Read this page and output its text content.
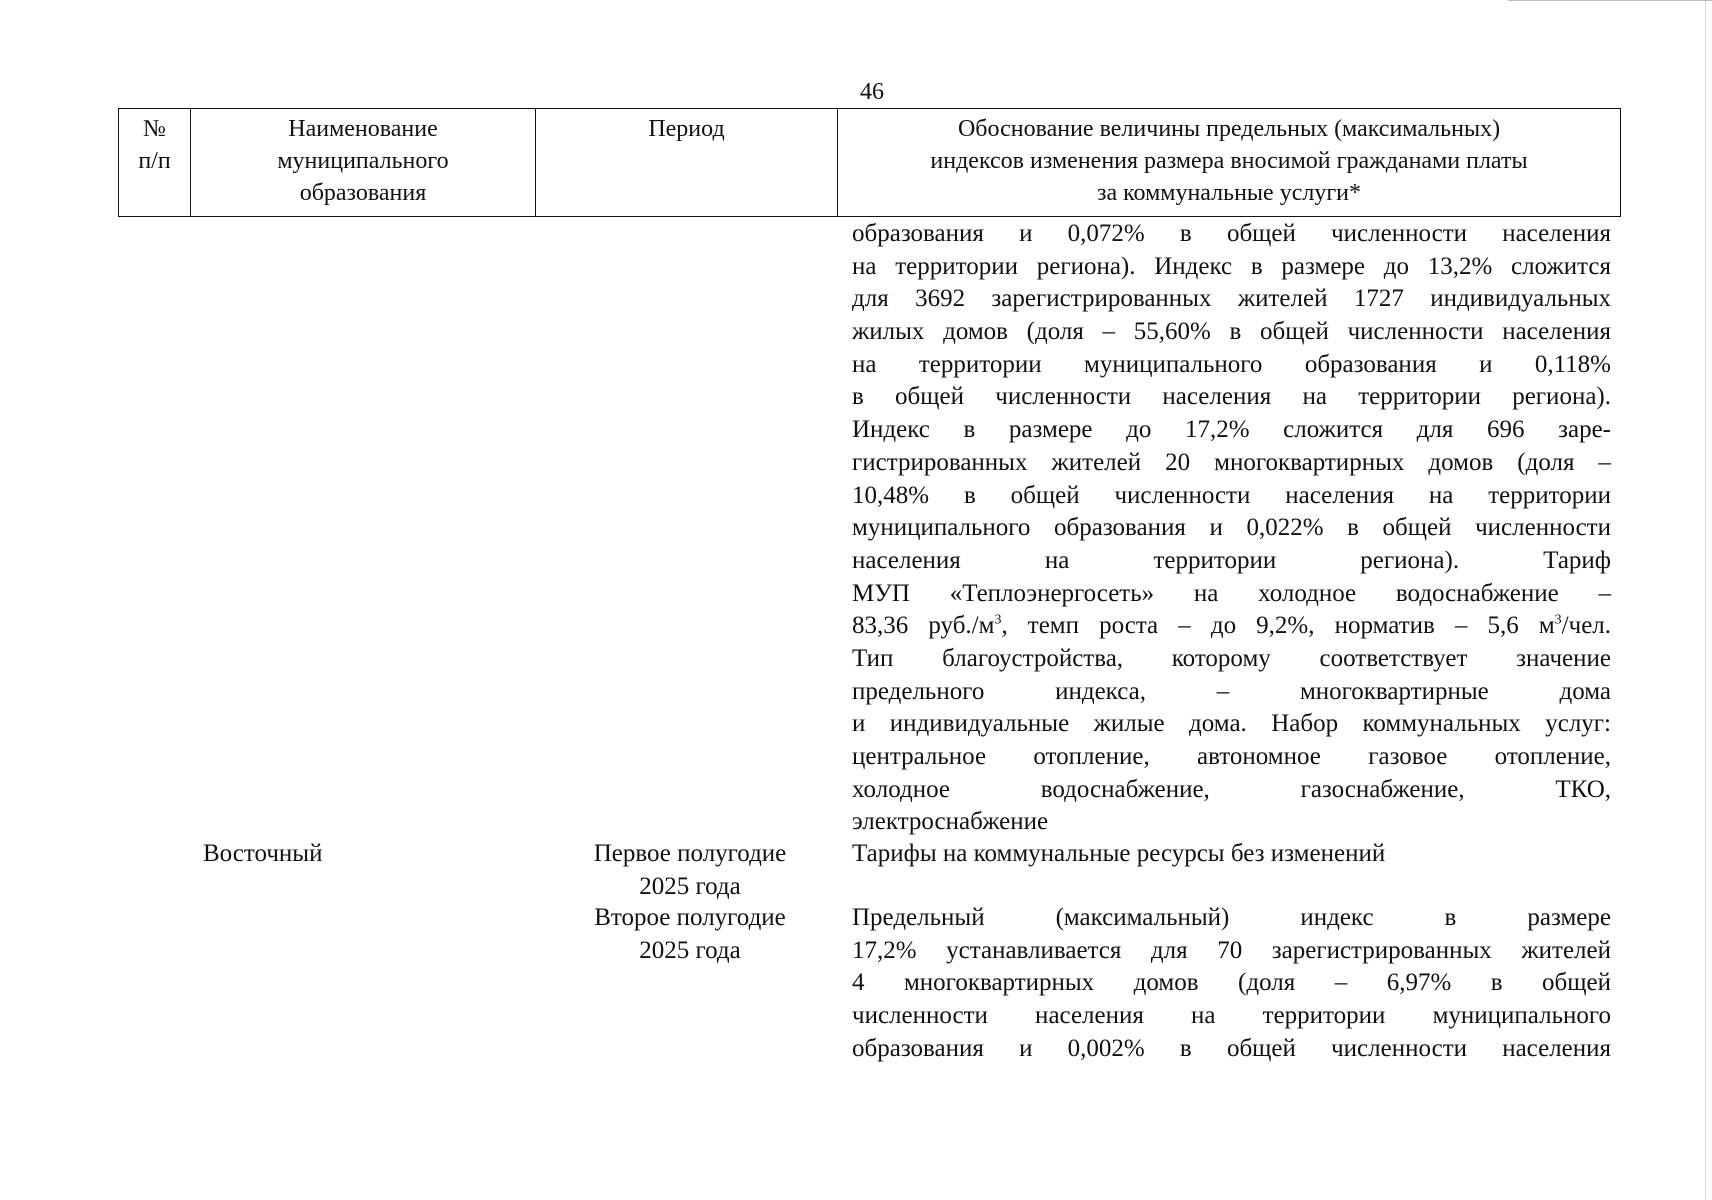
46
№
п/п
Наименование
муниципального
образования
Период	Обоснование величины предельных (максимальных)
индексов изменения размера вносимой гражданами платы
за коммунальные услуги*
образования и 0,072% в общей численности населения
на территории региона). Индекс в размере до 13,2% сложится
для 3692 зарегистрированных жителей 1727 индивидуальных
жилых домов (доля – 55,60% в общей численности населения
на территории муниципального образования и 0,118%
в общей численности населения на территории региона).
Индекс в размере до 17,2% сложится для 696 заре-
гистрированных жителей 20 многоквартирных домов (доля –
10,48% в общей численности населения на территории
муниципального образования и 0,022% в общей численности
населения на территории региона). Тариф
МУП «Теплоэнергосеть» на холодное водоснабжение –
83,36 $руб./м^3$, темп роста – до 9,2%, норматив – 5,6 $м^3$/чел.
Тип благоустройства, которому соответствует значение
предельного индекса, – многоквартирные дома
и индивидуальные жилые дома. Набор коммунальных услуг:
центральное отопление, автономное газовое отопление,
холодное водоснабжение, газоснабжение, ТКО,
электроснабжение
Восточный	Первое полугодие
2025 года
Тарифы на коммунальные ресурсы без изменений
Второе полугодие
2025 года
Предельный (максимальный) индекс в размере
17,2% устанавливается для 70 зарегистрированных жителей
4 многоквартирных домов (доля – 6,97% в общей
численности населения на территории муниципального
образования и 0,002% в общей численности населения
